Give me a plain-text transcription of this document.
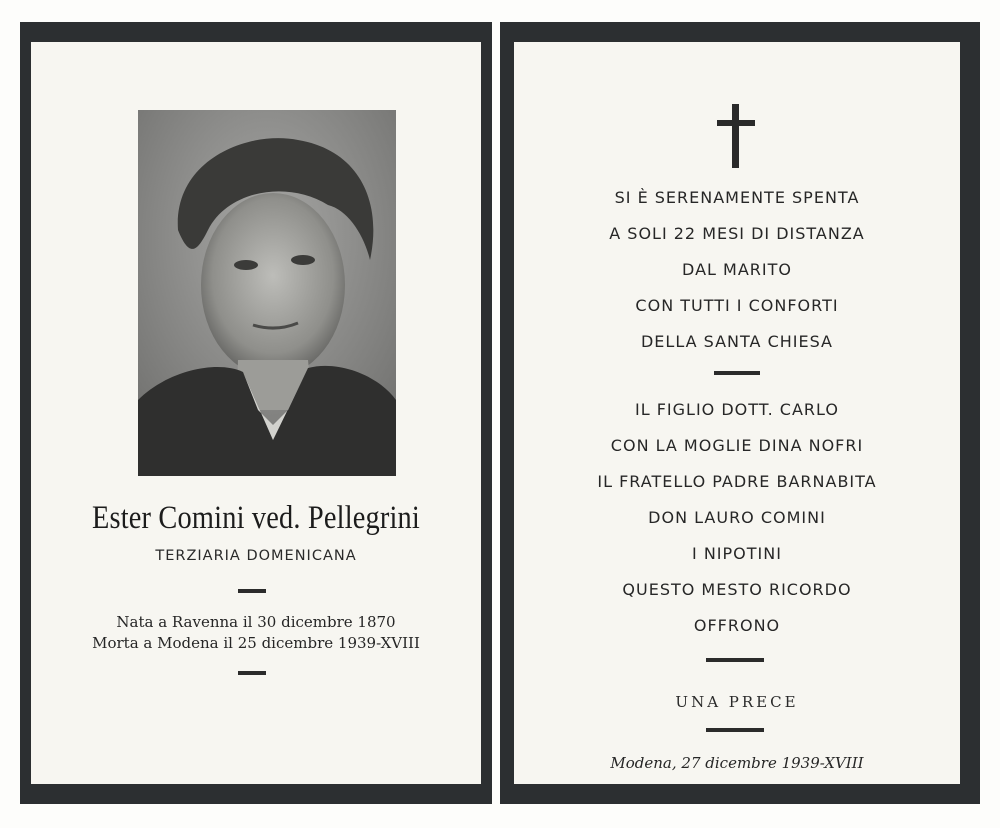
Ester Comini ved. Pellegrini
TERZIARIA DOMENICANA
Nata a Ravenna il 30 dicembre 1870
Morta a Modena il 25 dicembre 1939-XVIII
SI È SERENAMENTE SPENTA
A SOLI 22 MESI DI DISTANZA
DAL MARITO
CON TUTTI I CONFORTI
DELLA SANTA CHIESA
IL FIGLIO DOTT. CARLO
CON LA MOGLIE DINA NOFRI
IL FRATELLO PADRE BARNABITA
DON LAURO COMINI
I NIPOTINI
QUESTO MESTO RICORDO
OFFRONO
UNA PRECE
Modena, 27 dicembre 1939-XVIII
